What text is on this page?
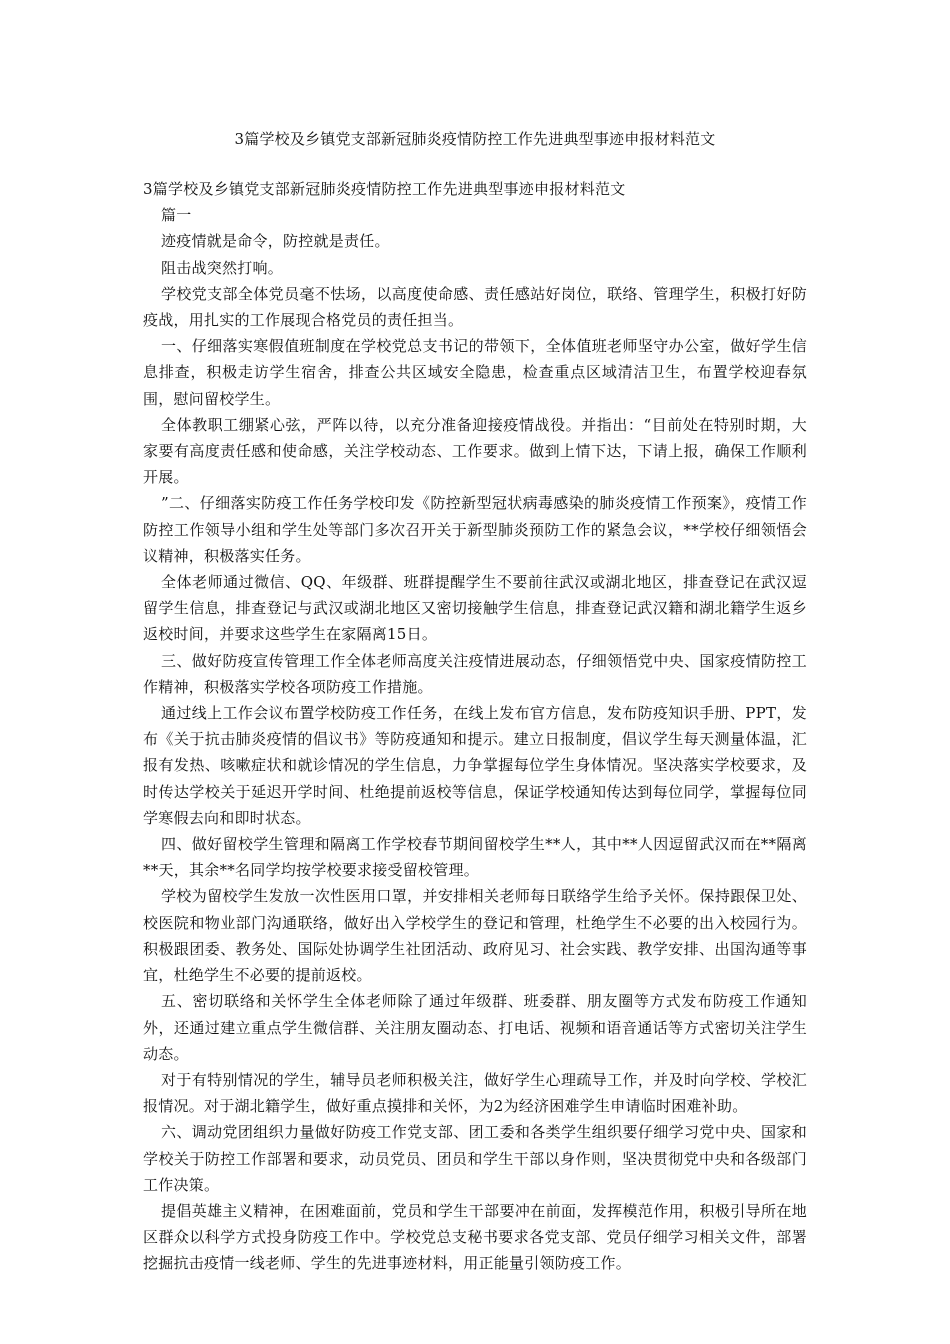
3篇学校及乡镇党支部新冠肺炎疫情防控工作先进典型事迹申报材料范文

3篇学校及乡镇党支部新冠肺炎疫情防控工作先进典型事迹申报材料范文

篇一

迹疫情就是命令，防控就是责任。

阻击战突然打响。

学校党支部全体党员毫不怯场，以高度使命感、责任感站好岗位，联络、管理学生，积极打好防疫战，用扎实的工作展现合格党员的责任担当。

一、仔细落实寒假值班制度在学校党总支书记的带领下，全体值班老师坚守办公室，做好学生信息排查，积极走访学生宿舍，排查公共区域安全隐患，检查重点区域清洁卫生，布置学校迎春氛围，慰问留校学生。

全体教职工绷紧心弦，严阵以待，以充分准备迎接疫情战役。并指出：“目前处在特别时期，大家要有高度责任感和使命感，关注学校动态、工作要求。做到上情下达，下请上报，确保工作顺利开展。

”二、仔细落实防疫工作任务学校印发《防控新型冠状病毒感染的肺炎疫情工作预案》，疫情工作防控工作领导小组和学生处等部门多次召开关于新型肺炎预防工作的紧急会议，**学校仔细领悟会议精神，积极落实任务。

全体老师通过微信、QQ、年级群、班群提醒学生不要前往武汉或湖北地区，排查登记在武汉逗留学生信息，排查登记与武汉或湖北地区又密切接触学生信息，排查登记武汉籍和湖北籍学生返乡返校时间，并要求这些学生在家隔离15日。

三、做好防疫宣传管理工作全体老师高度关注疫情进展动态，仔细领悟党中央、国家疫情防控工作精神，积极落实学校各项防疫工作措施。

通过线上工作会议布置学校防疫工作任务，在线上发布官方信息，发布防疫知识手册、PPT，发布《关于抗击肺炎疫情的倡议书》等防疫通知和提示。建立日报制度，倡议学生每天测量体温，汇报有发热、咳嗽症状和就诊情况的学生信息，力争掌握每位学生身体情况。坚决落实学校要求，及时传达学校关于延迟开学时间、杜绝提前返校等信息，保证学校通知传达到每位同学，掌握每位同学寒假去向和即时状态。

四、做好留校学生管理和隔离工作学校春节期间留校学生**人，其中**人因逗留武汉而在**隔离**天，其余**名同学均按学校要求接受留校管理。

学校为留校学生发放一次性医用口罩，并安排相关老师每日联络学生给予关怀。保持跟保卫处、校医院和物业部门沟通联络，做好出入学校学生的登记和管理，杜绝学生不必要的出入校园行为。积极跟团委、教务处、国际处协调学生社团活动、政府见习、社会实践、教学安排、出国沟通等事宜，杜绝学生不必要的提前返校。

五、密切联络和关怀学生全体老师除了通过年级群、班委群、朋友圈等方式发布防疫工作通知外，还通过建立重点学生微信群、关注朋友圈动态、打电话、视频和语音通话等方式密切关注学生动态。

对于有特别情况的学生，辅导员老师积极关注，做好学生心理疏导工作，并及时向学校、学校汇报情况。对于湖北籍学生，做好重点摸排和关怀，为2为经济困难学生申请临时困难补助。

六、调动党团组织力量做好防疫工作党支部、团工委和各类学生组织要仔细学习党中央、国家和学校关于防控工作部署和要求，动员党员、团员和学生干部以身作则，坚决贯彻党中央和各级部门工作决策。

提倡英雄主义精神，在困难面前，党员和学生干部要冲在前面，发挥模范作用，积极引导所在地区群众以科学方式投身防疫工作中。学校党总支秘书要求各党支部、党员仔细学习相关文件，部署挖掘抗击疫情一线老师、学生的先进事迹材料，用正能量引领防疫工作。
